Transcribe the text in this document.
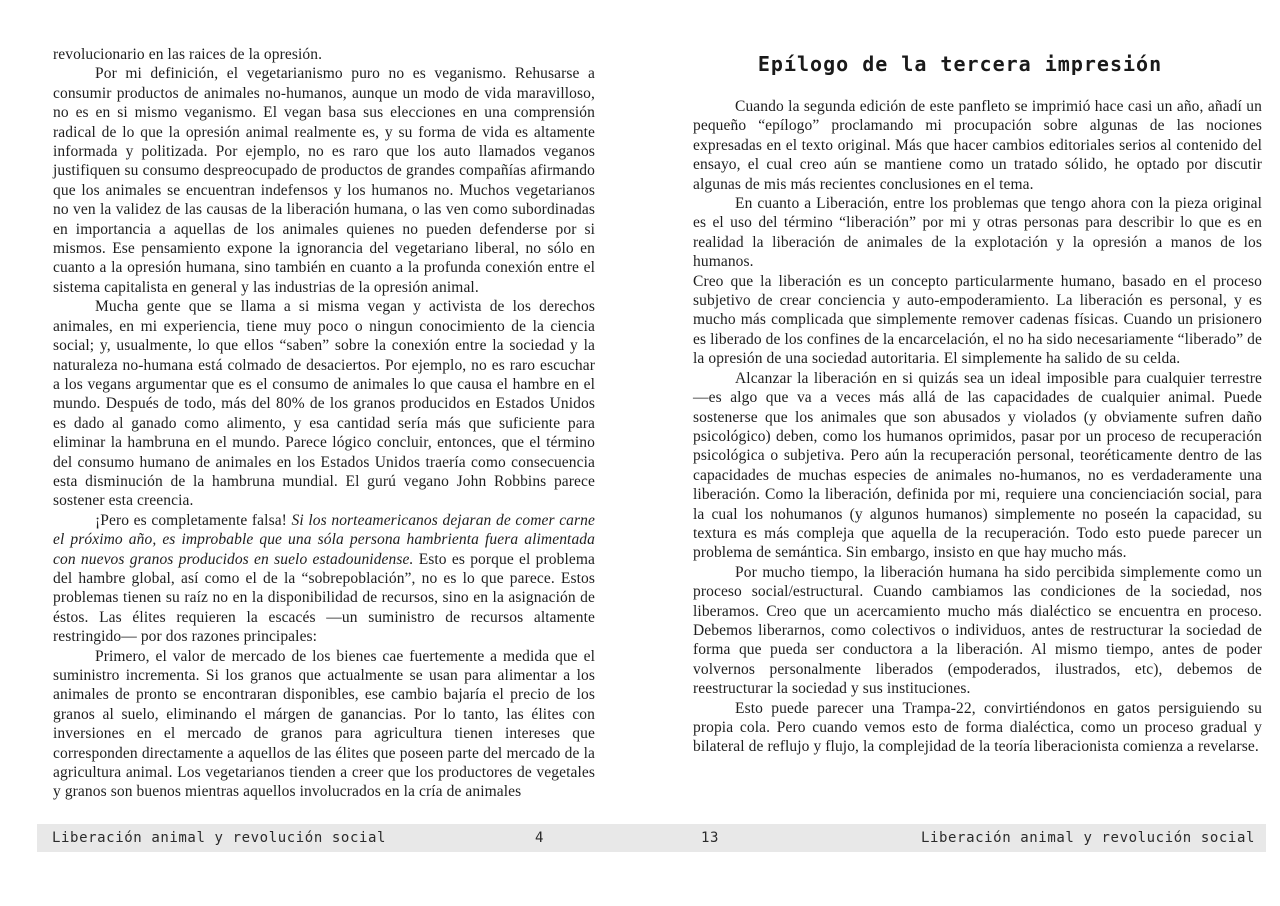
revolucionario en las raices de la opresión.

Por mi definición, el vegetarianismo puro no es veganismo. Rehusarse a consumir productos de animales no-humanos, aunque un modo de vida maravilloso, no es en si mismo veganismo. El vegan basa sus elecciones en una comprensión radical de lo que la opresión animal realmente es, y su forma de vida es altamente informada y politizada. Por ejemplo, no es raro que los auto llamados veganos justifiquen su consumo despreocupado de productos de grandes compañías afirmando que los animales se encuentran indefensos y los humanos no. Muchos vegetarianos no ven la validez de las causas de la liberación humana, o las ven como subordinadas en importancia a aquellas de los animales quienes no pueden defenderse por si mismos. Ese pensamiento expone la ignorancia del vegetariano liberal, no sólo en cuanto a la opresión humana, sino también en cuanto a la profunda conexión entre el sistema capitalista en general y las industrias de la opresión animal.

Mucha gente que se llama a si misma vegan y activista de los derechos animales, en mi experiencia, tiene muy poco o ningun conocimiento de la ciencia social; y, usualmente, lo que ellos “saben” sobre la conexión entre la sociedad y la naturaleza no-humana está colmado de desaciertos. Por ejemplo, no es raro escuchar a los vegans argumentar que es el consumo de animales lo que causa el hambre en el mundo. Después de todo, más del 80% de los granos producidos en Estados Unidos es dado al ganado como alimento, y esa cantidad sería más que suficiente para eliminar la hambruna en el mundo. Parece lógico concluir, entonces, que el término del consumo humano de animales en los Estados Unidos traería como consecuencia esta disminución de la hambruna mundial. El gurú vegano John Robbins parece sostener esta creencia.

¡Pero es completamente falsa! Si los norteamericanos dejaran de comer carne el próximo año, es improbable que una sóla persona hambrienta fuera alimentada con nuevos granos producidos en suelo estadounidense. Esto es porque el problema del hambre global, así como el de la “sobrepoblación”, no es lo que parece. Estos problemas tienen su raíz no en la disponibilidad de recursos, sino en la asignación de éstos. Las élites requieren la escacés —un suministro de recursos altamente restringido— por dos razones principales:

Primero, el valor de mercado de los bienes cae fuertemente a medida que el suministro incrementa. Si los granos que actualmente se usan para alimentar a los animales de pronto se encontraran disponibles, ese cambio bajaría el precio de los granos al suelo, eliminando el márgen de ganancias. Por lo tanto, las élites con inversiones en el mercado de granos para agricultura tienen intereses que corresponden directamente a aquellos de las élites que poseen parte del mercado de la agricultura animal. Los vegetarianos tienden a creer que los productores de vegetales y granos son buenos mientras aquellos involucrados en la cría de animales

Epílogo de la tercera impresión

Cuando la segunda edición de este panfleto se imprimió hace casi un año, añadí un pequeño “epílogo” proclamando mi procupación sobre algunas de las nociones expresadas en el texto original. Más que hacer cambios editoriales serios al contenido del ensayo, el cual creo aún se mantiene como un tratado sólido, he optado por discutir algunas de mis más recientes conclusiones en el tema.

En cuanto a Liberación, entre los problemas que tengo ahora con la pieza original es el uso del término “liberación” por mi y otras personas para describir lo que es en realidad la liberación de animales de la explotación y la opresión a manos de los humanos.

Creo que la liberación es un concepto particularmente humano, basado en el proceso subjetivo de crear conciencia y auto-empoderamiento. La liberación es personal, y es mucho más complicada que simplemente remover cadenas físicas. Cuando un prisionero es liberado de los confines de la encarcelación, el no ha sido necesariamente “liberado” de la opresión de una sociedad autoritaria. El simplemente ha salido de su celda.

Alcanzar la liberación en si quizás sea un ideal imposible para cualquier terrestre —es algo que va a veces más allá de las capacidades de cualquier animal. Puede sostenerse que los animales que son abusados y violados (y obviamente sufren daño psicológico) deben, como los humanos oprimidos, pasar por un proceso de recuperación psicológica o subjetiva. Pero aún la recuperación personal, teoréticamente dentro de las capacidades de muchas especies de animales no-humanos, no es verdaderamente una liberación. Como la liberación, definida por mi, requiere una concienciación social, para la cual los nohumanos (y algunos humanos) simplemente no poseén la capacidad, su textura es más compleja que aquella de la recuperación. Todo esto puede parecer un problema de semántica. Sin embargo, insisto en que hay mucho más.

Por mucho tiempo, la liberación humana ha sido percibida simplemente como un proceso social/estructural. Cuando cambiamos las condiciones de la sociedad, nos liberamos. Creo que un acercamiento mucho más dialéctico se encuentra en proceso. Debemos liberarnos, como colectivos o individuos, antes de restructurar la sociedad de forma que pueda ser conductora a la liberación. Al mismo tiempo, antes de poder volvernos personalmente liberados (empoderados, ilustrados, etc), debemos de reestructurar la sociedad y sus instituciones.

Esto puede parecer una Trampa-22, convirtiéndonos en gatos persiguiendo su propia cola. Pero cuando vemos esto de forma dialéctica, como un proceso gradual y bilateral de reflujo y flujo, la complejidad de la teoría liberacionista comienza a revelarse.

Liberación animal y revolución social	4	13	Liberación animal y revolución social
